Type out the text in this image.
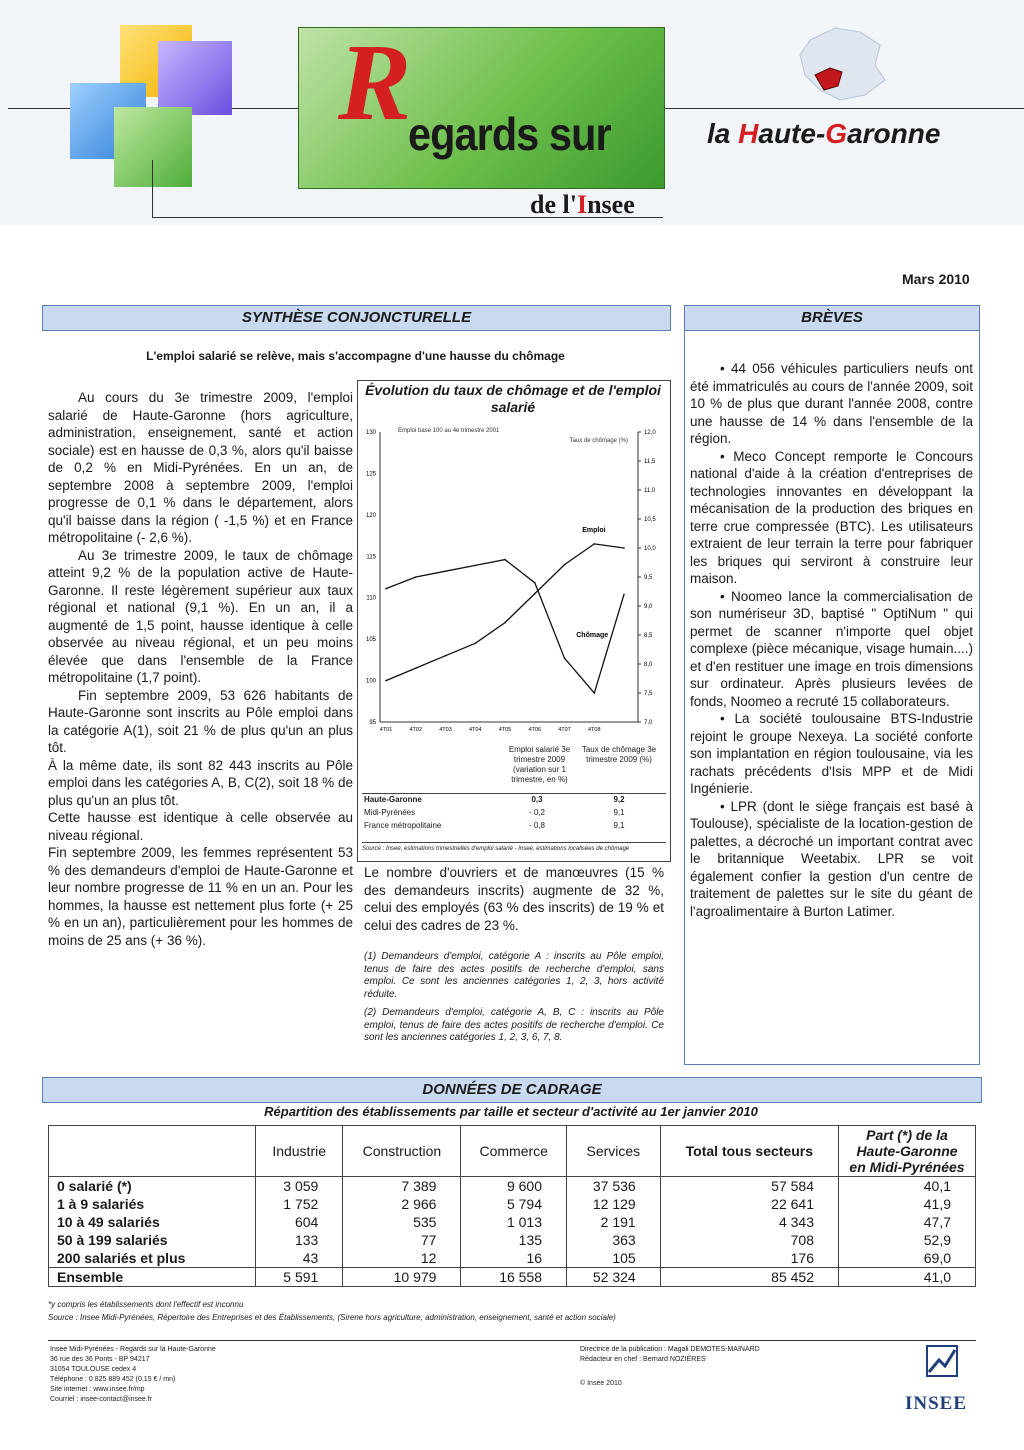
R
egards sur
de l'Insee
la Haute-Garonne
Mars 2010
SYNTHÈSE CONJONCTURELLE
L'emploi salarié se relève, mais s'accompagne d'une hausse du chômage

Au cours du 3e trimestre 2009, l'emploi salarié de Haute-Garonne (hors agriculture, administration, enseignement, santé et action sociale) est en hausse de 0,3 %, alors qu'il baisse de 0,2 % en Midi-Pyrénées. En un an, de septembre 2008 à septembre 2009, l'emploi progresse de 0,1 % dans le département, alors qu'il baisse dans la région ( -1,5 %) et en France métropolitaine (- 2,6 %).

Au 3e trimestre 2009, le taux de chômage atteint 9,2 % de la population active de Haute-Garonne. Il reste légèrement supérieur aux taux régional et national (9,1 %). En un an, il a augmenté de 1,5 point, hausse identique à celle observée au niveau régional, et un peu moins élevée que dans l'ensemble de la France métropolitaine (1,7 point).

Fin septembre 2009, 53 626 habitants de Haute-Garonne sont inscrits au Pôle emploi dans la catégorie A(1), soit 21 % de plus qu'un an plus tôt.

À la même date, ils sont 82 443 inscrits au Pôle emploi dans les catégories A, B, C(2), soit 18 % de plus qu'un an plus tôt.

Cette hausse est identique à celle observée au niveau régional.

Fin septembre 2009, les femmes représentent 53 % des demandeurs d'emploi de Haute-Garonne et leur nombre progresse de 11 % en un an. Pour les hommes, la hausse est nettement plus forte (+ 25 % en un an), particulièrement pour les hommes de moins de 25 ans (+ 36 %).

Évolution du taux de chômage et de l'emploi salarié
Emploi base 100 au 4e trimestre 2001
Taux de chômage (%)
95
100
105
110
115
120
125
130
7,0
7,5
8,0
8,5
9,0
9,5
10,0
10,5
11,0
11,5
12,0
4T01	4T02	4T03	4T04	4T05	4T06	4T07	4T08
Emploi
Chômage
Emploi salarié 3e trimestre 2009 (variation sur 1 trimestre, en %)
Taux de chômage 3e trimestre 2009 (%)
Haute-Garonne	0,3	9,2
Midi-Pyrénées	- 0,2	9,1
France métropolitaine	- 0,8	9,1
Source : Insee, estimations trimestrielles d'emploi salarié - Insee, estimations localisées de chômage

Le nombre d'ouvriers et de manœuvres (15 % des demandeurs inscrits) augmente de 32 %, celui des employés (63 % des inscrits) de 19 % et celui des cadres de 23 %.

(1) Demandeurs d'emploi, catégorie A : inscrits au Pôle emploi, tenus de faire des actes positifs de recherche d'emploi, sans emploi. Ce sont les anciennes catégories 1, 2, 3, hors activité réduite.
(2) Demandeurs d'emploi, catégorie A, B, C : inscrits au Pôle emploi, tenus de faire des actes positifs de recherche d'emploi. Ce sont les anciennes catégories 1, 2, 3, 6, 7, 8.
BRÈVES

• 44 056 véhicules particuliers neufs ont été immatriculés au cours de l'année 2009, soit 10 % de plus que durant l'année 2008, contre une hausse de 14 % dans l'ensemble de la région.

• Meco Concept remporte le Concours national d'aide à la création d'entreprises de technologies innovantes en développant la mécanisation de la production des briques en terre crue compressée (BTC). Les utilisateurs extraient de leur terrain la terre pour fabriquer les briques qui serviront à construire leur maison.

• Noomeo lance la commercialisation de son numériseur 3D, baptisé " OptiNum " qui permet de scanner n'importe quel objet complexe (pièce mécanique, visage humain....) et d'en restituer une image en trois dimensions sur ordinateur. Après plusieurs levées de fonds, Noomeo a recruté 15 collaborateurs.

• La société toulousaine BTS-Industrie rejoint le groupe Nexeya. La société conforte son implantation en région toulousaine, via les rachats précédents d'Isis MPP et de Midi Ingénierie.

• LPR (dont le siège français est basé à Toulouse), spécialiste de la location-gestion de palettes, a décroché un important contrat avec le britannique Weetabix. LPR se voit également confier la gestion d'un centre de traitement de palettes sur le site du géant de l'agroalimentaire à Burton Latimer.

DONNÉES DE CADRAGE
Répartition des établissements par taille et secteur d'activité au 1er janvier 2010
	Industrie	Construction	Commerce	Services	Total tous secteurs	Part (*) de la Haute-Garonne en Midi-Pyrénées
0 salarié (*)	3 059	7 389	9 600	37 536	57 584	40,1
1 à 9 salariés	1 752	2 966	5 794	12 129	22 641	41,9
10 à 49 salariés	604	535	1 013	2 191	4 343	47,7
50 à 199 salariés	133	77	135	363	708	52,9
200 salariés et plus	43	12	16	105	176	69,0
Ensemble	5 591	10 979	16 558	52 324	85 452	41,0
*y compris les établissements dont l'effectif est inconnu
Source : Insee Midi-Pyrénées, Répertoire des Entreprises et des Établissements, (Sirene hors agriculture, administration, enseignement, santé et action sociale)
Insee Midi-Pyrénées - Regards sur la Haute-Garonne
36 rue des 36 Ponts - BP 94217
31054 TOULOUSE cedex 4
Téléphone : 0 825 889 452 (0,15 € / mn)
Site internet : www.insee.fr/mp
Courriel : insee-contact@insee.fr
Directrice de la publication : Magali DEMOTES-MAINARD
Rédacteur en chef : Bernard NOZIÈRES
© Insee 2010
INSEE
